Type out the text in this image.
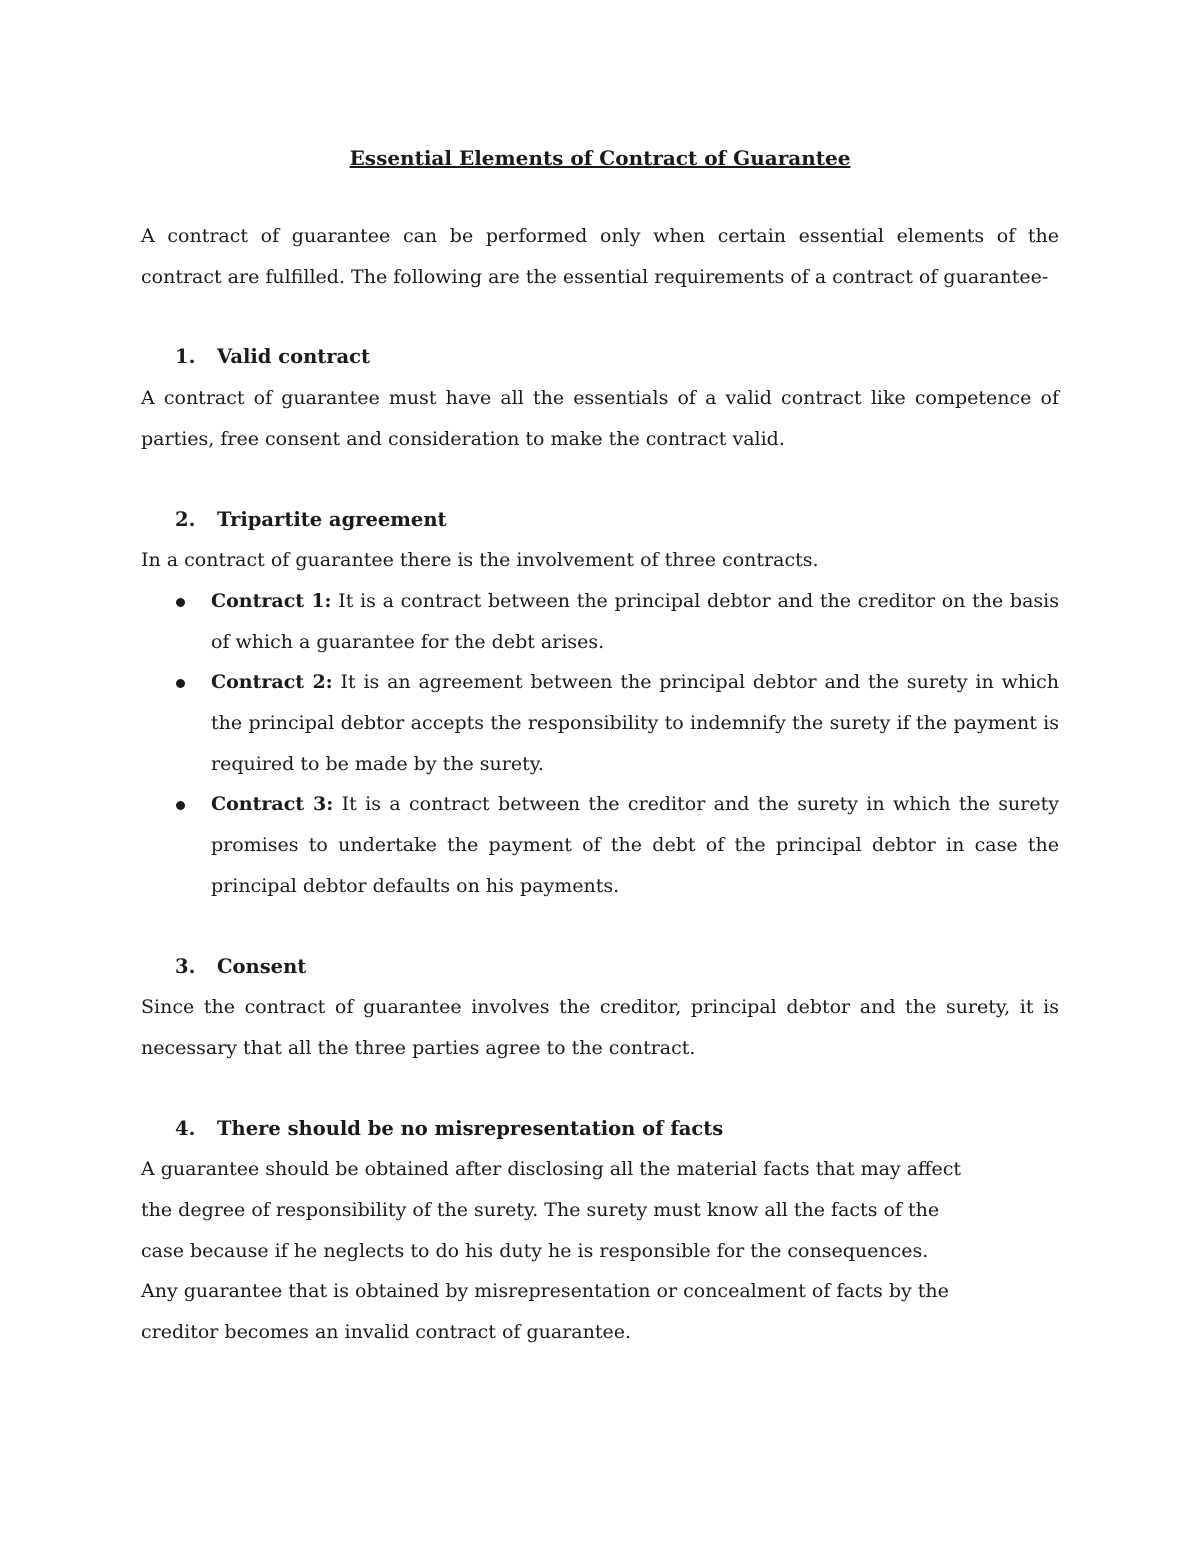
Essential Elements of Contract of Guarantee

A contract of guarantee can be performed only when certain essential elements of the contract are fulfilled. The following are the essential requirements of a contract of guarantee-

1.	Valid contract

A contract of guarantee must have all the essentials of a valid contract like competence of parties, free consent and consideration to make the contract valid.

2.	Tripartite agreement

In a contract of guarantee there is the involvement of three contracts.

Contract 1: It is a contract between the principal debtor and the creditor on the basis of which a guarantee for the debt arises.
Contract 2: It is an agreement between the principal debtor and the surety in which the principal debtor accepts the responsibility to indemnify the surety if the payment is required to be made by the surety.
Contract 3: It is a contract between the creditor and the surety in which the surety promises to undertake the payment of the debt of the principal debtor in case the principal debtor defaults on his payments.
3.	Consent

Since the contract of guarantee involves the creditor, principal debtor and the surety, it is necessary that all the three parties agree to the contract.

4.	There should be no misrepresentation of facts

A guarantee should be obtained after disclosing all the material facts that may affect

the degree of responsibility of the surety. The surety must know all the facts of the

case because if he neglects to do his duty he is responsible for the consequences.

Any guarantee that is obtained by misrepresentation or concealment of facts by the

creditor becomes an invalid contract of guarantee.
